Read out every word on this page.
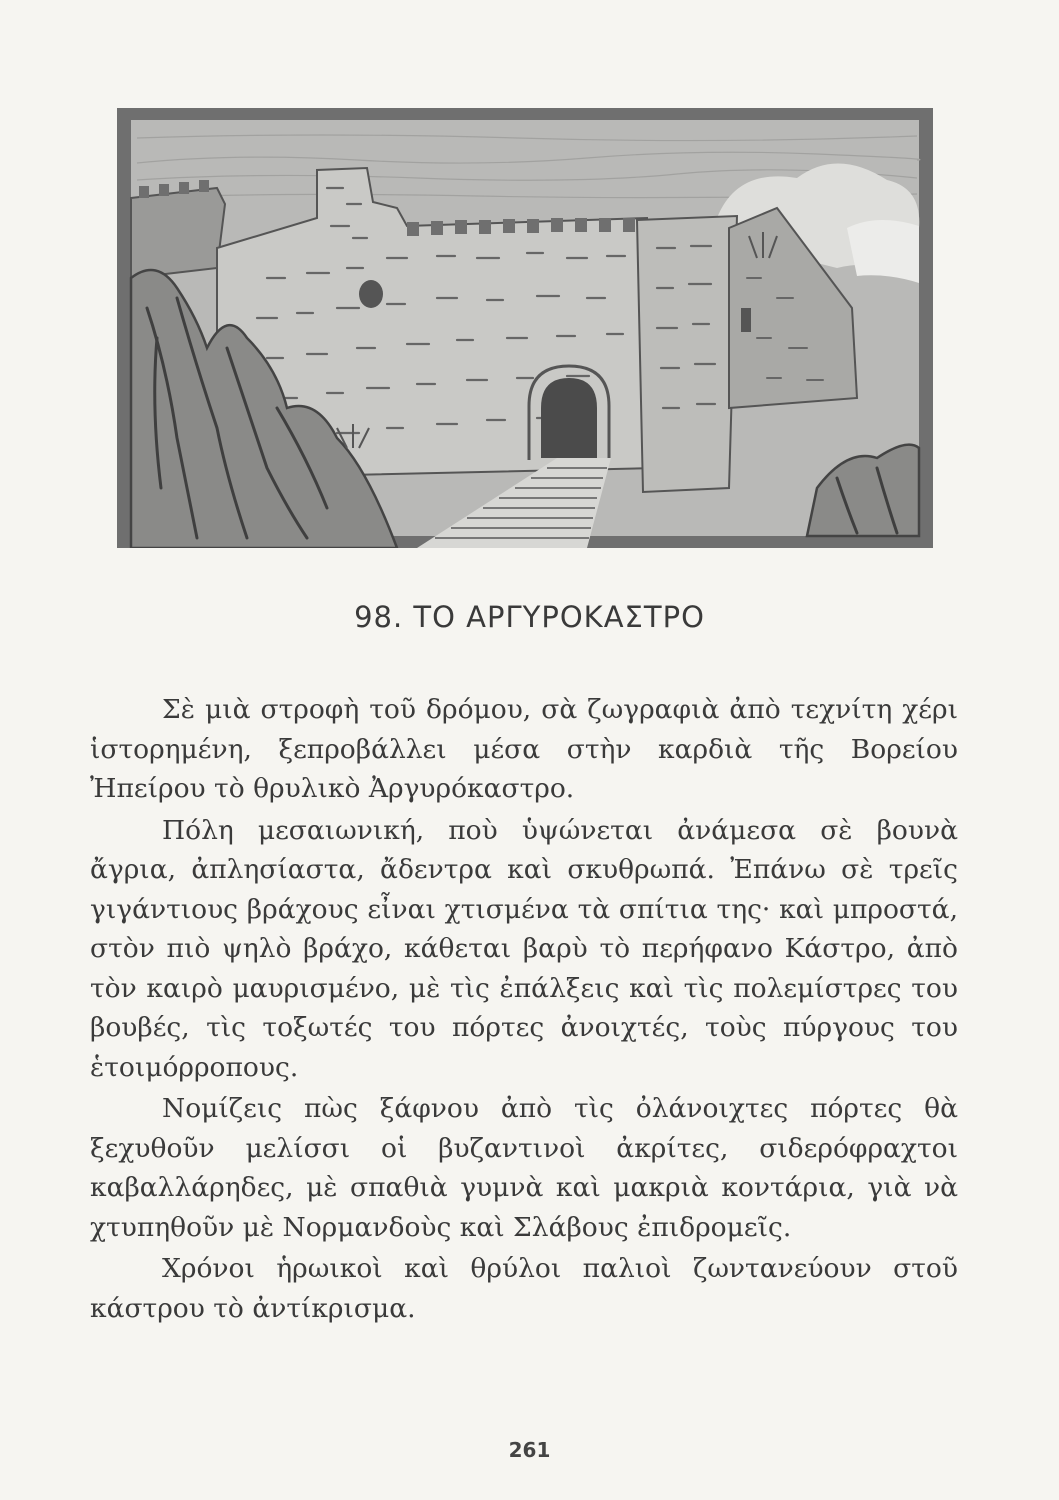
98. ΤΟ ΑΡΓΥΡΟΚΑΣΤΡΟ

Σὲ μιὰ στροφὴ τοῦ δρόμου, σὰ ζωγραφιὰ ἀπὸ τεχνίτη χέρι ἱστορημένη, ξεπροβάλλει μέσα στὴν καρδιὰ τῆς Βορείου Ἠπείρου τὸ θρυλικὸ Ἀργυρόκαστρο.

Πόλη μεσαιωνική, ποὺ ὑψώνεται ἀνάμεσα σὲ βουνὰ ἄγρια, ἀπλησίαστα, ἄδεντρα καὶ σκυθρωπά. Ἐπάνω σὲ τρεῖς γιγάντιους βράχους εἶναι χτισμένα τὰ σπίτια της· καὶ μπροστά, στὸν πιὸ ψηλὸ βράχο, κάθεται βαρὺ τὸ περήφανο Κάστρο, ἀπὸ τὸν καιρὸ μαυρισμένο, μὲ τὶς ἐπάλξεις καὶ τὶς πολεμίστρες του βουβές, τὶς τοξωτές του πόρτες ἀνοιχτές, τοὺς πύργους του ἑτοιμόρροπους.

Νομίζεις πὼς ξάφνου ἀπὸ τὶς ὀλάνοιχτες πόρτες θὰ ξεχυθοῦν μελίσσι οἱ βυζαντινοὶ ἀκρίτες, σιδερόφραχτοι καβαλλάρηδες, μὲ σπαθιὰ γυμνὰ καὶ μακριὰ κοντάρια, γιὰ νὰ χτυπηθοῦν μὲ Νορμανδοὺς καὶ Σλάβους ἐπιδρομεῖς.

Χρόνοι ἡρωικοὶ καὶ θρύλοι παλιοὶ ζωντανεύουν στοῦ κάστρου τὸ ἀντίκρισμα.

261
